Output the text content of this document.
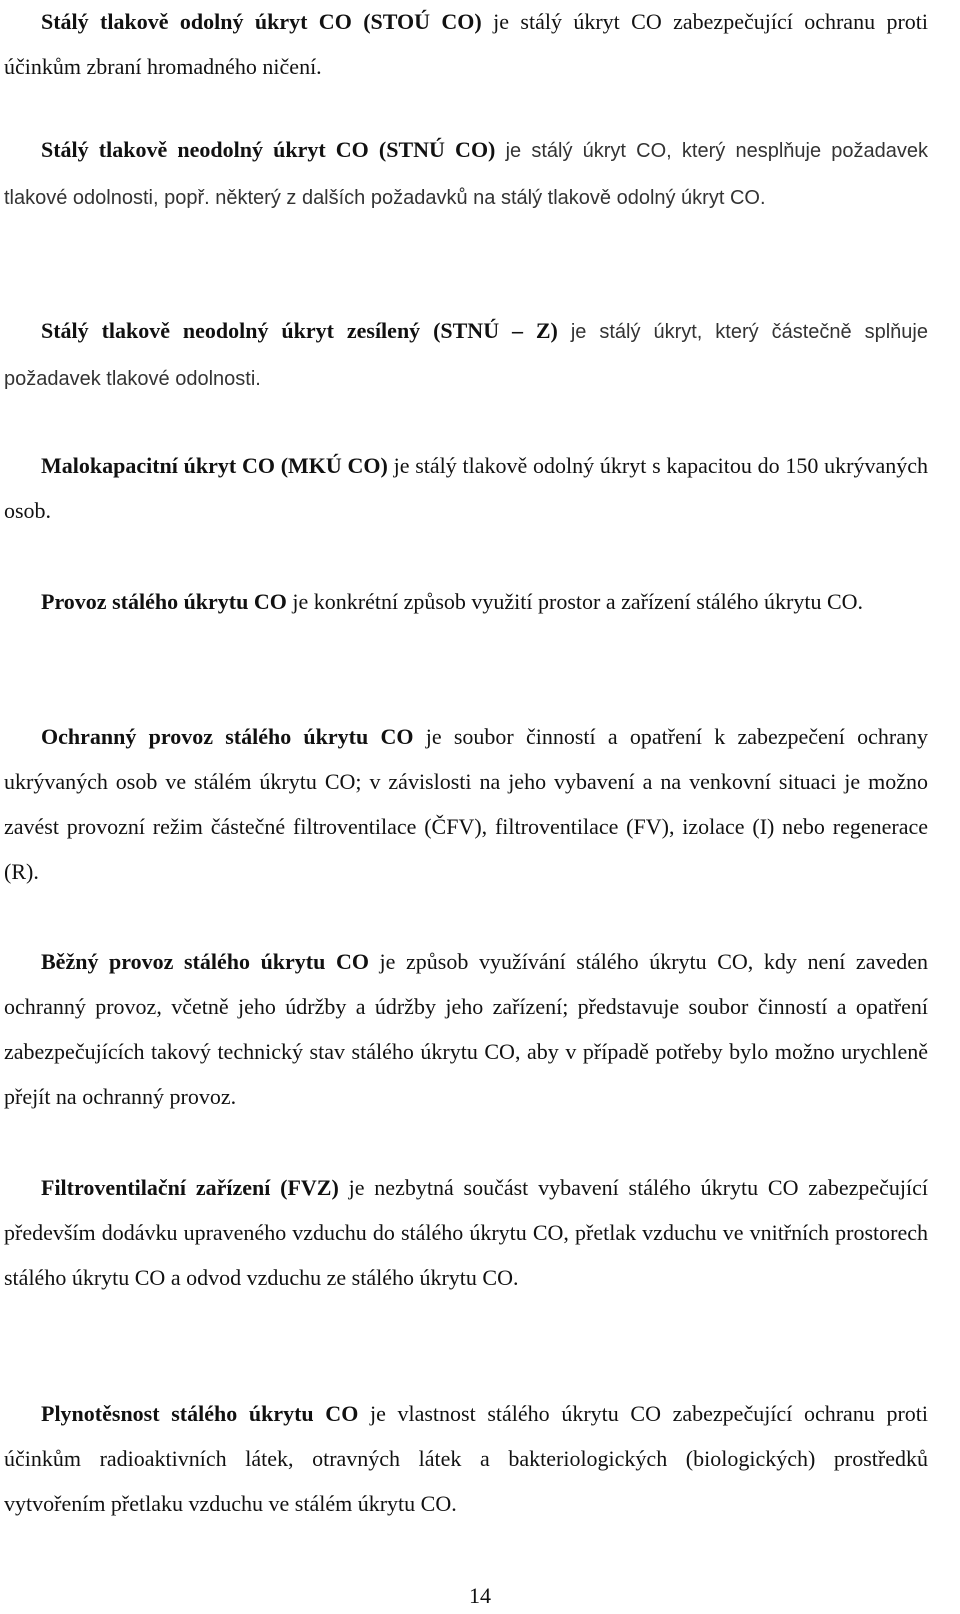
Stálý tlakově odolný úkryt CO (STOÚ CO) je stálý úkryt CO zabezpečující ochranu proti účinkům zbraní hromadného ničení.

Stálý tlakově neodolný úkryt CO (STNÚ CO) je stálý úkryt CO, který nesplňuje požadavek tlakové odolnosti, popř. některý z dalších požadavků na stálý tlakově odolný úkryt CO.

Stálý tlakově neodolný úkryt zesílený (STNÚ – Z) je stálý úkryt, který částečně splňuje požadavek tlakové odolnosti.

Malokapacitní úkryt CO (MKÚ CO) je stálý tlakově odolný úkryt s kapacitou do 150 ukrývaných osob.

Provoz stálého úkrytu CO je konkrétní způsob využití prostor a zařízení stálého úkrytu CO.

Ochranný provoz stálého úkrytu CO je soubor činností a opatření k zabezpečení ochrany ukrývaných osob ve stálém úkrytu CO; v závislosti na jeho vybavení a na venkovní situaci je možno zavést provozní režim částečné filtroventilace (ČFV), filtroventilace (FV), izolace (I) nebo regenerace (R).

Běžný provoz stálého úkrytu CO je způsob využívání stálého úkrytu CO, kdy není zaveden ochranný provoz, včetně jeho údržby a údržby jeho zařízení; představuje soubor činností a opatření zabezpečujících takový technický stav stálého úkrytu CO, aby v případě potřeby bylo možno urychleně přejít na ochranný provoz.

Filtroventilační zařízení (FVZ) je nezbytná součást vybavení stálého úkrytu CO zabezpečující především dodávku upraveného vzduchu do stálého úkrytu CO, přetlak vzduchu ve vnitřních prostorech stálého úkrytu CO a odvod vzduchu ze stálého úkrytu CO.

Plynotěsnost stálého úkrytu CO je vlastnost stálého úkrytu CO zabezpečující ochranu proti účinkům radioaktivních látek, otravných látek a bakteriologických (biologických) prostředků vytvořením přetlaku vzduchu ve stálém úkrytu CO.

14
